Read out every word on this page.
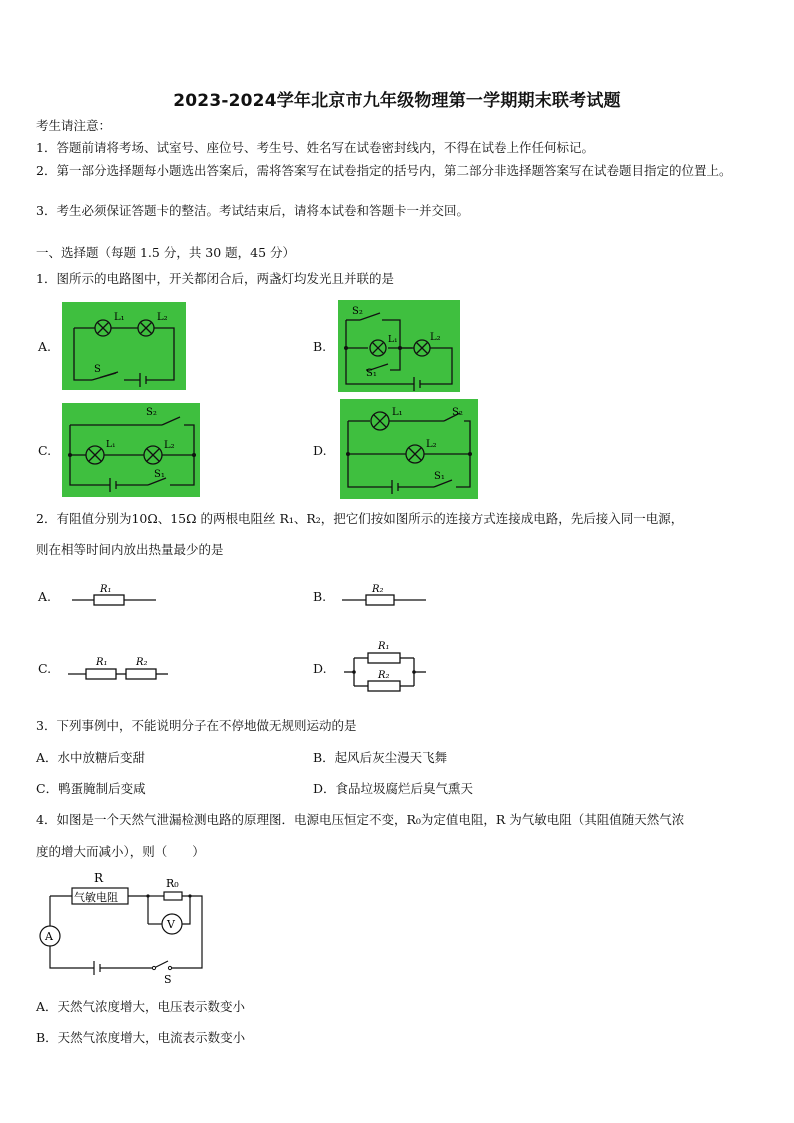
2023-2024学年北京市九年级物理第一学期期末联考试题
考生请注意：
1．答题前请将考场、试室号、座位号、考生号、姓名写在试卷密封线内，不得在试卷上作任何标记。
2．第一部分选择题每小题选出答案后，需将答案写在试卷指定的括号内，第二部分非选择题答案写在试卷题目指定的位置上。
3．考生必须保证答题卡的整洁。考试结束后，请将本试卷和答题卡一并交回。
一、选择题（每题 1.5 分，共 30 题，45 分）
1．图所示的电路图中，开关都闭合后，两盏灯均发光且并联的是
A.	B.
C.	D.
L₁	L₂
S
S₂
L₁	L₂
S₁
S₂
L₁	L₂
S₁
L₁	S₂
L₂
S₁
2．有阻值分别为10Ω、15Ω 的两根电阻丝 R₁、R₂，把它们按如图所示的连接方式连接成电路，先后接入同一电源，
则在相等时间内放出热量最少的是
A.	B.
C.	D.
R₁	R₂
R₁	R₂
R₁
R₂
3．下列事例中，不能说明分子在不停地做无规则运动的是
A．水中放糖后变甜	B．起风后灰尘漫天飞舞
C．鸭蛋腌制后变咸	D．食品垃圾腐烂后臭气熏天
4．如图是一个天然气泄漏检测电路的原理图．电源电压恒定不变，R₀为定值电阻，R 为气敏电阻（其阻值随天然气浓
度的增大而减小），则（　　）
R
气敏电阻
R₀
A
V
S
A．天然气浓度增大，电压表示数变小
B．天然气浓度增大，电流表示数变小
